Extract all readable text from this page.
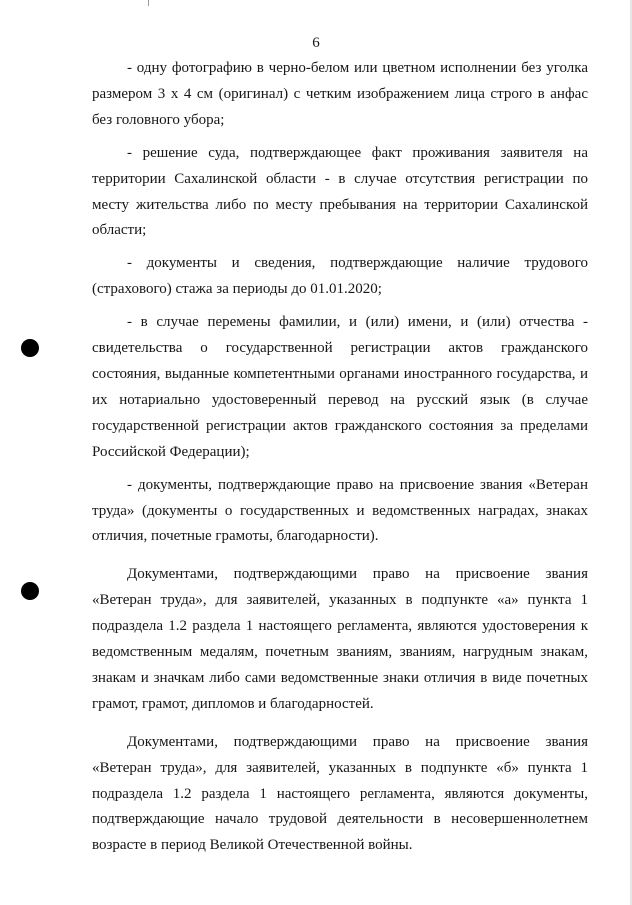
6

- одну фотографию в черно-белом или цветном исполнении без уголка размером 3 х 4 см (оригинал) с четким изображением лица строго в анфас без головного убора;

- решение суда, подтверждающее факт проживания заявителя на территории Сахалинской области - в случае отсутствия регистрации по месту жительства либо по месту пребывания на территории Сахалинской области;

- документы и сведения, подтверждающие наличие трудового (страхового) стажа за периоды до 01.01.2020;

- в случае перемены фамилии, и (или) имени, и (или) отчества - свидетельства о государственной регистрации актов гражданского состояния, выданные компетентными органами иностранного государства, и их нотариально удостоверенный перевод на русский язык (в случае государственной регистрации актов гражданского состояния за пределами Российской Федерации);

- документы, подтверждающие право на присвоение звания «Ветеран труда» (документы о государственных и ведомственных наградах, знаках отличия, почетные грамоты, благодарности).

Документами, подтверждающими право на присвоение звания «Ветеран труда», для заявителей, указанных в подпункте «а» пункта 1 подраздела 1.2 раздела 1 настоящего регламента, являются удостоверения к ведомственным медалям, почетным званиям, званиям, нагрудным знакам, знакам и значкам либо сами ведомственные знаки отличия в виде почетных грамот, грамот, дипломов и благодарностей.

Документами, подтверждающими право на присвоение звания «Ветеран труда», для заявителей, указанных в подпункте «б» пункта 1 подраздела 1.2 раздела 1 настоящего регламента, являются документы, подтверждающие начало трудовой деятельности в несовершеннолетнем возрасте в период Великой Отечественной войны.
